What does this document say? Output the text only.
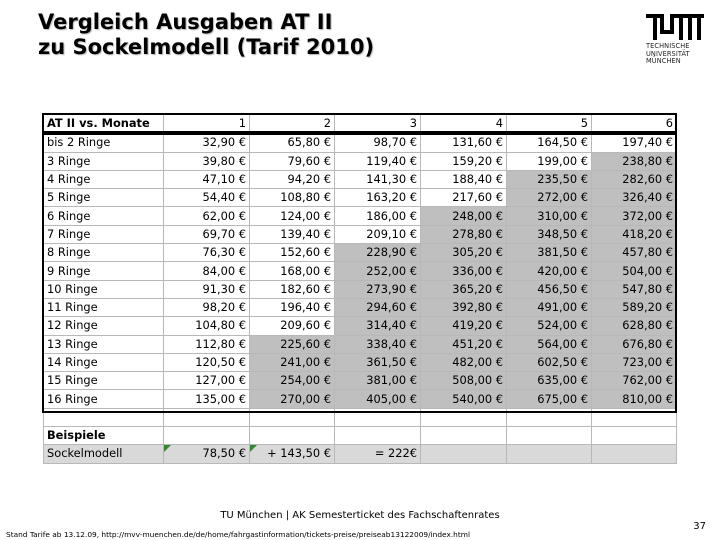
Vergleich Ausgaben AT II
zu Sockelmodell (Tarif 2010)	TECHNISCHE
UNIVERSITÄT
MÜNCHEN
AT II vs. Monate	1	2	3	4	5	6
bis 2 Ringe	32,90 €	65,80 €	98,70 €	131,60 €	164,50 €	197,40 €
3 Ringe	39,80 €	79,60 €	119,40 €	159,20 €	199,00 €	238,80 €
4 Ringe	47,10 €	94,20 €	141,30 €	188,40 €	235,50 €	282,60 €
5 Ringe	54,40 €	108,80 €	163,20 €	217,60 €	272,00 €	326,40 €
6 Ringe	62,00 €	124,00 €	186,00 €	248,00 €	310,00 €	372,00 €
7 Ringe	69,70 €	139,40 €	209,10 €	278,80 €	348,50 €	418,20 €
8 Ringe	76,30 €	152,60 €	228,90 €	305,20 €	381,50 €	457,80 €
9 Ringe	84,00 €	168,00 €	252,00 €	336,00 €	420,00 €	504,00 €
10 Ringe	91,30 €	182,60 €	273,90 €	365,20 €	456,50 €	547,80 €
11 Ringe	98,20 €	196,40 €	294,60 €	392,80 €	491,00 €	589,20 €
12 Ringe	104,80 €	209,60 €	314,40 €	419,20 €	524,00 €	628,80 €
13 Ringe	112,80 €	225,60 €	338,40 €	451,20 €	564,00 €	676,80 €
14 Ringe	120,50 €	241,00 €	361,50 €	482,00 €	602,50 €	723,00 €
15 Ringe	127,00 €	254,00 €	381,00 €	508,00 €	635,00 €	762,00 €
16 Ringe	135,00 €	270,00 €	405,00 €	540,00 €	675,00 €	810,00 €

Beispiele						
Sockelmodell	78,50 €	+ 143,50 €	= 222€			
TU München | AK Semesterticket des Fachschaftenrates
37
Stand Tarife ab 13.12.09, http://mvv-muenchen.de/de/home/fahrgastinformation/tickets-preise/preiseab13122009/index.html
